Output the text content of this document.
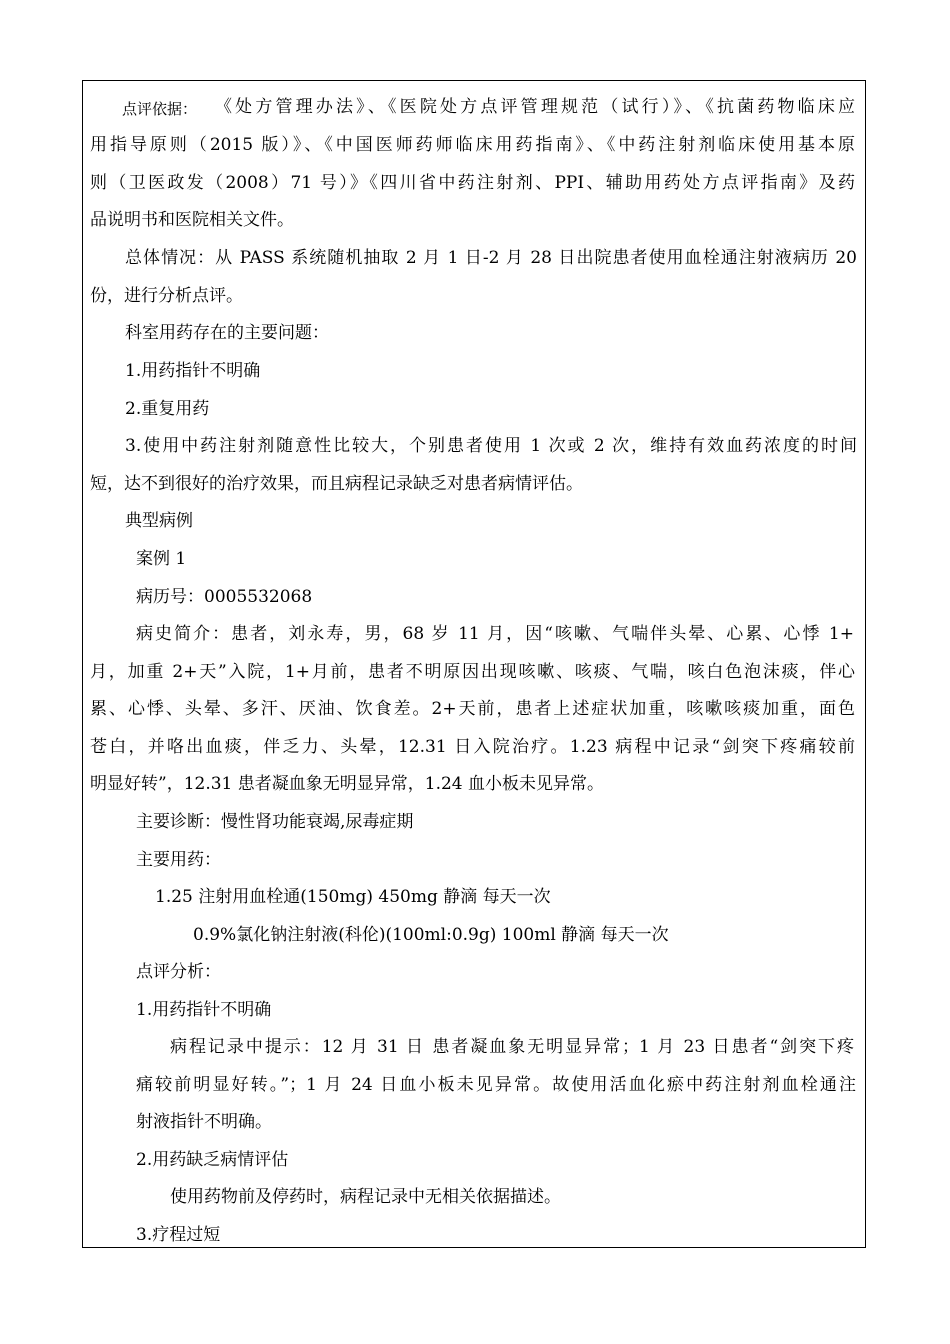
点评依据： 《处方管理办法》、《医院处方点评管理规范（试行）》、《抗菌药物临床应
用指导原则（2015 版）》、《中国医师药师临床用药指南》、《中药注射剂临床使用基本原
则（卫医政发（2008）71 号）》《四川省中药注射剂、PPI、辅助用药处方点评指南》及药
品说明书和医院相关文件。
总体情况：从 PASS 系统随机抽取 2 月 1 日-2 月 28 日出院患者使用血栓通注射液病历 20
份，进行分析点评。
科室用药存在的主要问题：
1.用药指针不明确
2.重复用药
3.使用中药注射剂随意性比较大，个别患者使用 1 次或 2 次，维持有效血药浓度的时间
短，达不到很好的治疗效果，而且病程记录缺乏对患者病情评估。
典型病例
案例 1
病历号：0005532068
病史简介：患者，刘永寿，男，68 岁 11 月，因“咳嗽、气喘伴头晕、心累、心悸 1+
月，加重 2+天”入院，1+月前，患者不明原因出现咳嗽、咳痰、气喘，咳白色泡沫痰，伴心
累、心悸、头晕、多汗、厌油、饮食差。2+天前，患者上述症状加重，咳嗽咳痰加重，面色
苍白，并咯出血痰，伴乏力、头晕，12.31 日入院治疗。1.23 病程中记录“剑突下疼痛较前
明显好转”，12.31 患者凝血象无明显异常，1.24 血小板未见异常。
主要诊断：慢性肾功能衰竭,尿毒症期
主要用药：
1.25 注射用血栓通(150mg) 450mg 静滴 每天一次
0.9%氯化钠注射液(科伦)(100ml:0.9g) 100ml 静滴 每天一次
点评分析：
1.用药指针不明确
病程记录中提示：12 月 31 日 患者凝血象无明显异常；1 月 23 日患者“剑突下疼
痛较前明显好转。”；1 月 24 日血小板未见异常。故使用活血化瘀中药注射剂血栓通注
射液指针不明确。
2.用药缺乏病情评估
使用药物前及停药时，病程记录中无相关依据描述。
3.疗程过短
